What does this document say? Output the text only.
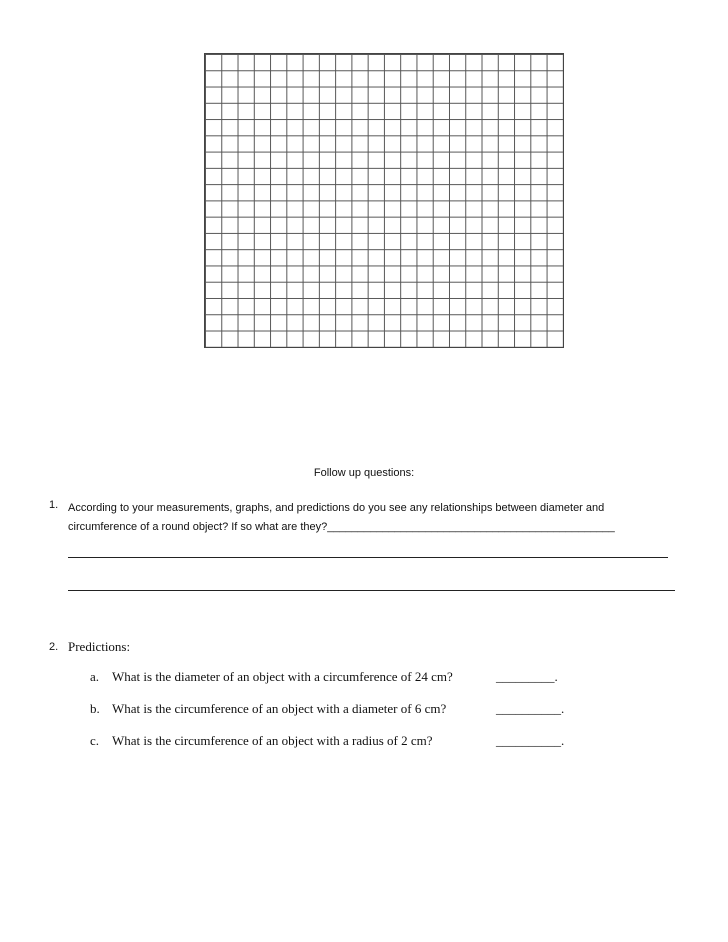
Follow up questions:
1. According to your measurements, graphs, and predictions do you see any relationships between diameter and
circumference of a round object? If so what are they?_______________________________________________
2. Predictions:
a. What is the diameter of an object with a circumference of 24 cm?	_________.
b. What is the circumference of an object with a diameter of 6 cm?	__________.
c. What is the circumference of an object with a radius of 2 cm?	__________.
